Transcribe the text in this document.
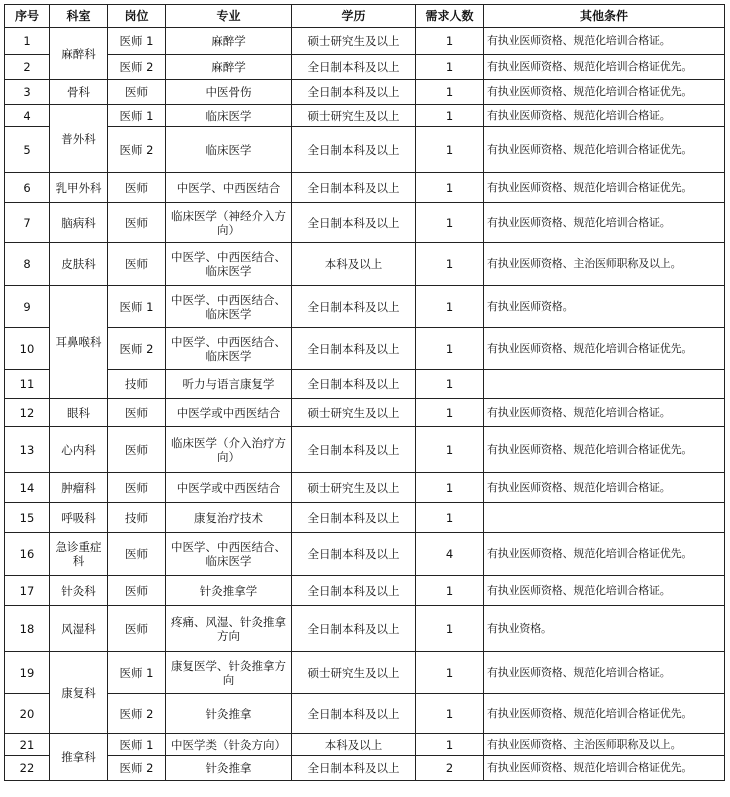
序号	科室	岗位	专业	学历	需求人数	其他条件
1	麻醉科	医师 1	麻醉学	硕士研究生及以上	1	有执业医师资格、规范化培训合格证。
2		医师 2	麻醉学	全日制本科及以上	1	有执业医师资格、规范化培训合格证优先。
3	骨科	医师	中医骨伤	全日制本科及以上	1	有执业医师资格、规范化培训合格证优先。
4	普外科	医师 1	临床医学	硕士研究生及以上	1	有执业医师资格、规范化培训合格证。
5		医师 2	临床医学	全日制本科及以上	1	有执业医师资格、规范化培训合格证优先。
6	乳甲外科	医师	中医学、中西医结合	全日制本科及以上	1	有执业医师资格、规范化培训合格证优先。
7	脑病科	医师	临床医学（神经介入方向）	全日制本科及以上	1	有执业医师资格、规范化培训合格证。
8	皮肤科	医师	中医学、中西医结合、临床医学	本科及以上	1	有执业医师资格、主治医师职称及以上。
9	耳鼻喉科	医师 1	中医学、中西医结合、临床医学	全日制本科及以上	1	有执业医师资格。
10		医师 2	中医学、中西医结合、临床医学	全日制本科及以上	1	有执业医师资格、规范化培训合格证优先。
11		技师	听力与语言康复学	全日制本科及以上	1	
12	眼科	医师	中医学或中西医结合	硕士研究生及以上	1	有执业医师资格、规范化培训合格证。
13	心内科	医师	临床医学（介入治疗方向）	全日制本科及以上	1	有执业医师资格、规范化培训合格证优先。
14	肿瘤科	医师	中医学或中西医结合	硕士研究生及以上	1	有执业医师资格、规范化培训合格证。
15	呼吸科	技师	康复治疗技术	全日制本科及以上	1	
16	急诊重症科	医师	中医学、中西医结合、临床医学	全日制本科及以上	4	有执业医师资格、规范化培训合格证优先。
17	针灸科	医师	针灸推拿学	全日制本科及以上	1	有执业医师资格、规范化培训合格证。
18	风湿科	医师	疼痛、风湿、针灸推拿方向	全日制本科及以上	1	有执业资格。
19	康复科	医师 1	康复医学、针灸推拿方向	硕士研究生及以上	1	有执业医师资格、规范化培训合格证。
20		医师 2	针灸推拿	全日制本科及以上	1	有执业医师资格、规范化培训合格证优先。
21	推拿科	医师 1	中医学类（针灸方向）	本科及以上	1	有执业医师资格、主治医师职称及以上。
22		医师 2	针灸推拿	全日制本科及以上	2	有执业医师资格、规范化培训合格证优先。
